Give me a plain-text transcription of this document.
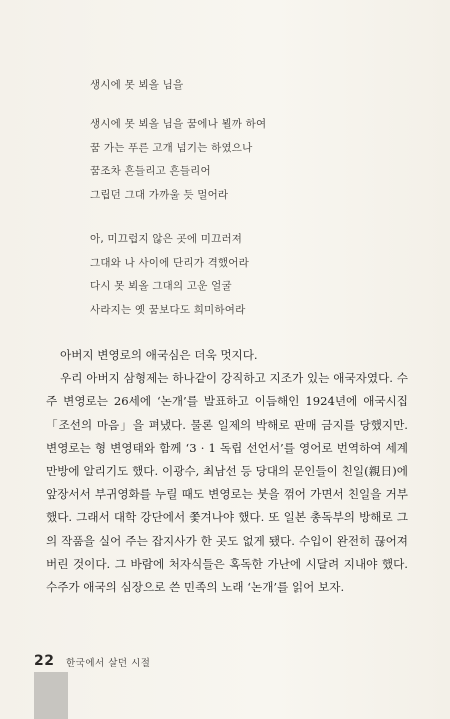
생시에 못 뵈올 님을
생시에 못 뵈올 님을 꿈에나 뵐까 하여
꿈 가는 푸른 고개 넘기는 하였으나
꿈조차 흔들리고 흔들리어
그립던 그대 가까울 듯 멀어라
아, 미끄럽지 않은 곳에 미끄러져
그대와 나 사이에 단리가 격했어라
다시 못 뵈올 그대의 고운 얼굴
사라지는 옛 꿈보다도 희미하여라

아버지 변영로의 애국심은 더욱 멋지다.

우리 아버지 삼형제는 하나같이 강직하고 지조가 있는 애국자였다. 수주 변영로는 26세에 ‘논개’를 발표하고 이듬해인 1924년에 애국시집 「조선의 마음」을 펴냈다. 물론 일제의 박해로 판매 금지를 당했지만. 변영로는 형 변영태와 함께 ‘3 · 1 독립 선언서’를 영어로 번역하여 세계 만방에 알리기도 했다. 이광수, 최남선 등 당대의 문인들이 친일(親日)에 앞장서서 부귀영화를 누릴 때도 변영로는 붓을 꺾어 가면서 친일을 거부했다. 그래서 대학 강단에서 쫓겨나야 했다. 또 일본 총독부의 방해로 그의 작품을 실어 주는 잡지사가 한 곳도 없게 됐다. 수입이 완전히 끊어져 버린 것이다. 그 바람에 처자식들은 혹독한 가난에 시달려 지내야 했다. 수주가 애국의 심장으로 쓴 민족의 노래 ‘논개’를 읽어 보자.

22 한국에서 살던 시절
